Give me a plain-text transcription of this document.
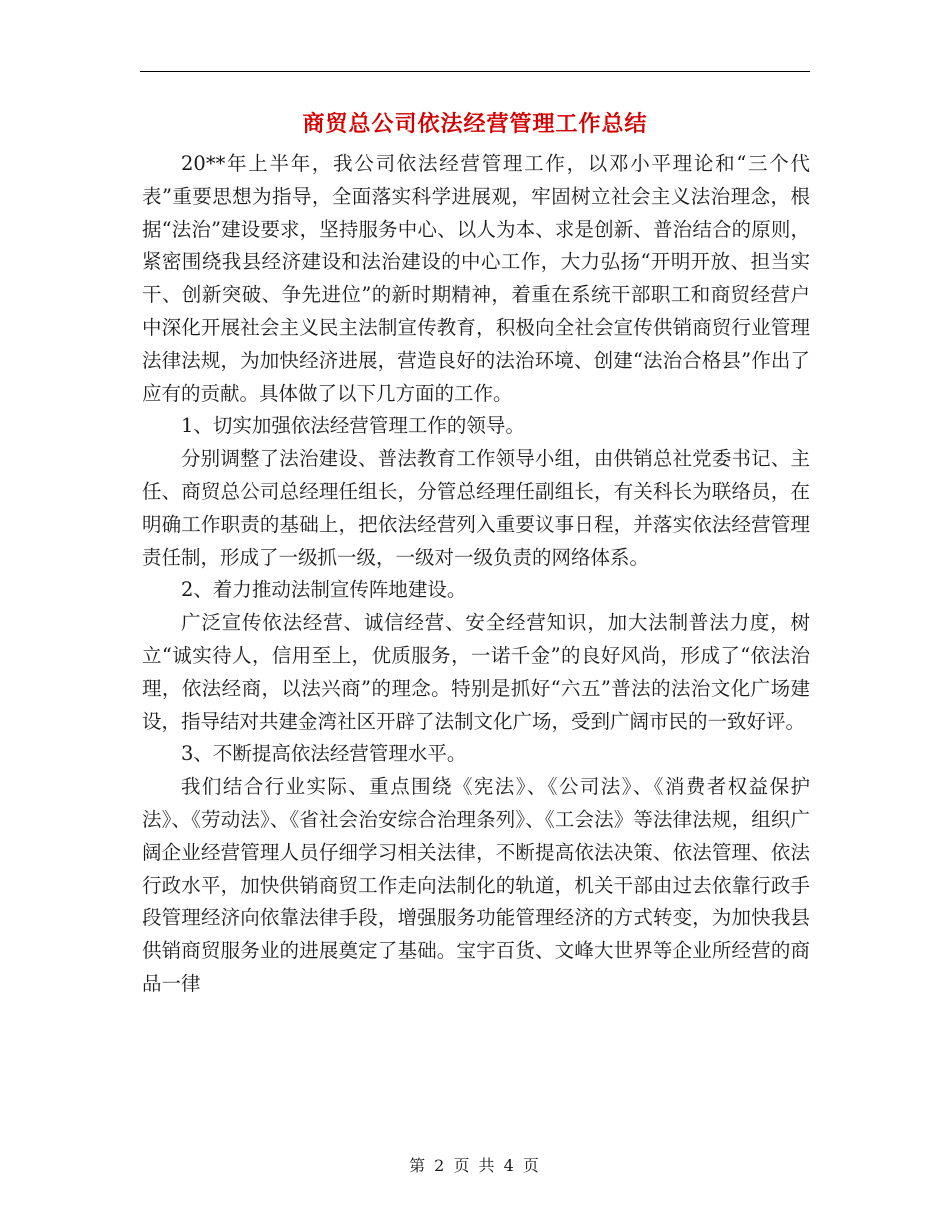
商贸总公司依法经营管理工作总结

20**年上半年，我公司依法经营管理工作，以邓小平理论和“三个代表”重要思想为指导，全面落实科学进展观，牢固树立社会主义法治理念，根据“法治”建设要求，坚持服务中心、以人为本、求是创新、普治结合的原则，紧密围绕我县经济建设和法治建设的中心工作，大力弘扬“开明开放、担当实干、创新突破、争先进位”的新时期精神，着重在系统干部职工和商贸经营户中深化开展社会主义民主法制宣传教育，积极向全社会宣传供销商贸行业管理法律法规，为加快经济进展，营造良好的法治环境、创建“法治合格县”作出了应有的贡献。具体做了以下几方面的工作。

1、切实加强依法经营管理工作的领导。

分别调整了法治建设、普法教育工作领导小组，由供销总社党委书记、主任、商贸总公司总经理任组长，分管总经理任副组长，有关科长为联络员，在明确工作职责的基础上，把依法经营列入重要议事日程，并落实依法经营管理责任制，形成了一级抓一级，一级对一级负责的网络体系。

2、着力推动法制宣传阵地建设。

广泛宣传依法经营、诚信经营、安全经营知识，加大法制普法力度，树立“诚实待人，信用至上，优质服务，一诺千金”的良好风尚，形成了“依法治理，依法经商，以法兴商”的理念。特别是抓好“六五”普法的法治文化广场建设，指导结对共建金湾社区开辟了法制文化广场，受到广阔市民的一致好评。

3、不断提高依法经营管理水平。

我们结合行业实际、重点围绕《宪法》、《公司法》、《消费者权益保护法》、《劳动法》、《省社会治安综合治理条列》、《工会法》等法律法规，组织广阔企业经营管理人员仔细学习相关法律，不断提高依法决策、依法管理、依法行政水平，加快供销商贸工作走向法制化的轨道，机关干部由过去依靠行政手段管理经济向依靠法律手段，增强服务功能管理经济的方式转变，为加快我县供销商贸服务业的进展奠定了基础。宝宇百货、文峰大世界等企业所经营的商品一律

第 2 页 共 4 页
